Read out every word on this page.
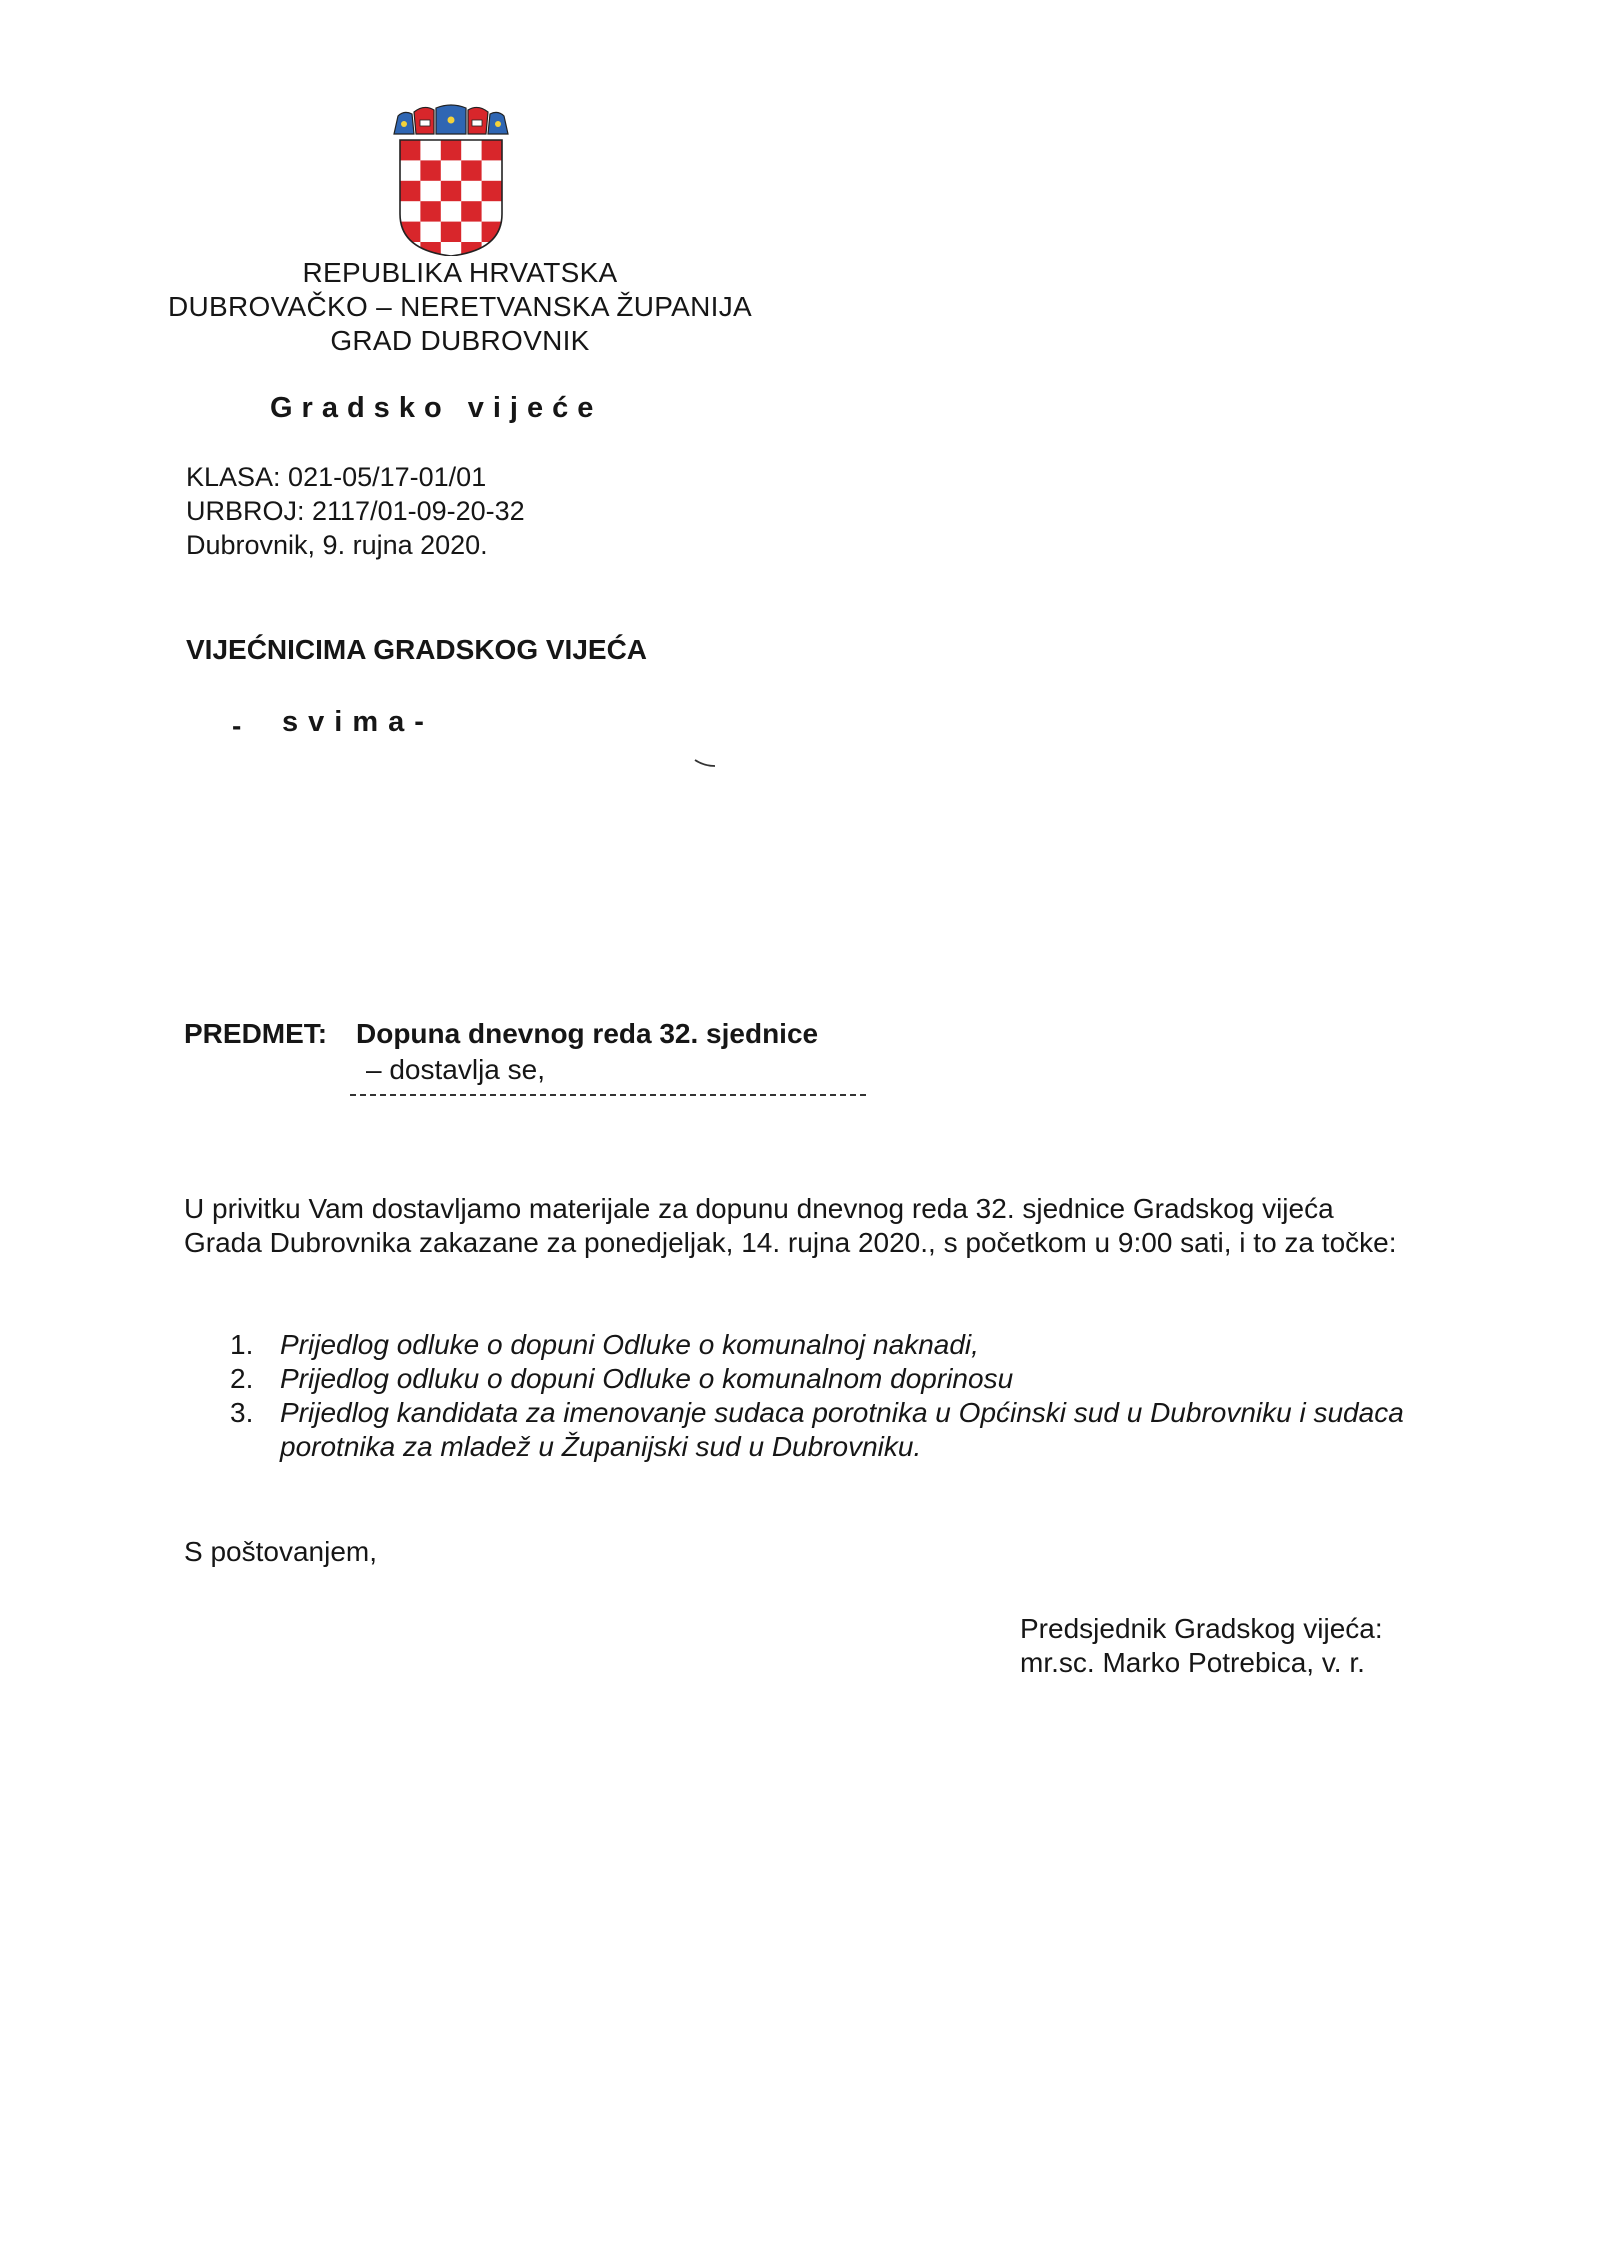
REPUBLIKA HRVATSKA
DUBROVAČKO – NERETVANSKA ŽUPANIJA
GRAD DUBROVNIK
Gradsko vijeće
KLASA: 021-05/17-01/01
URBROJ: 2117/01-09-20-32
Dubrovnik, 9. rujna 2020.
VIJEĆNICIMA GRADSKOG VIJEĆA
- svima-
PREDMET: Dopuna dnevnog reda 32. sjednice
– dostavlja se,
U privitku Vam dostavljamo materijale za dopunu dnevnog reda 32. sjednice Gradskog vijeća Grada Dubrovnika zakazane za ponedjeljak, 14. rujna 2020., s početkom u 9:00 sati, i to za točke:
1. Prijedlog odluke o dopuni Odluke o komunalnoj naknadi,
2. Prijedlog odluku o dopuni Odluke o komunalnom doprinosu
3. Prijedlog kandidata za imenovanje sudaca porotnika u Općinski sud u Dubrovniku i sudaca porotnika za mladež u Županijski sud u Dubrovniku.
S poštovanjem,
Predsjednik Gradskog vijeća:
mr.sc. Marko Potrebica, v. r.
